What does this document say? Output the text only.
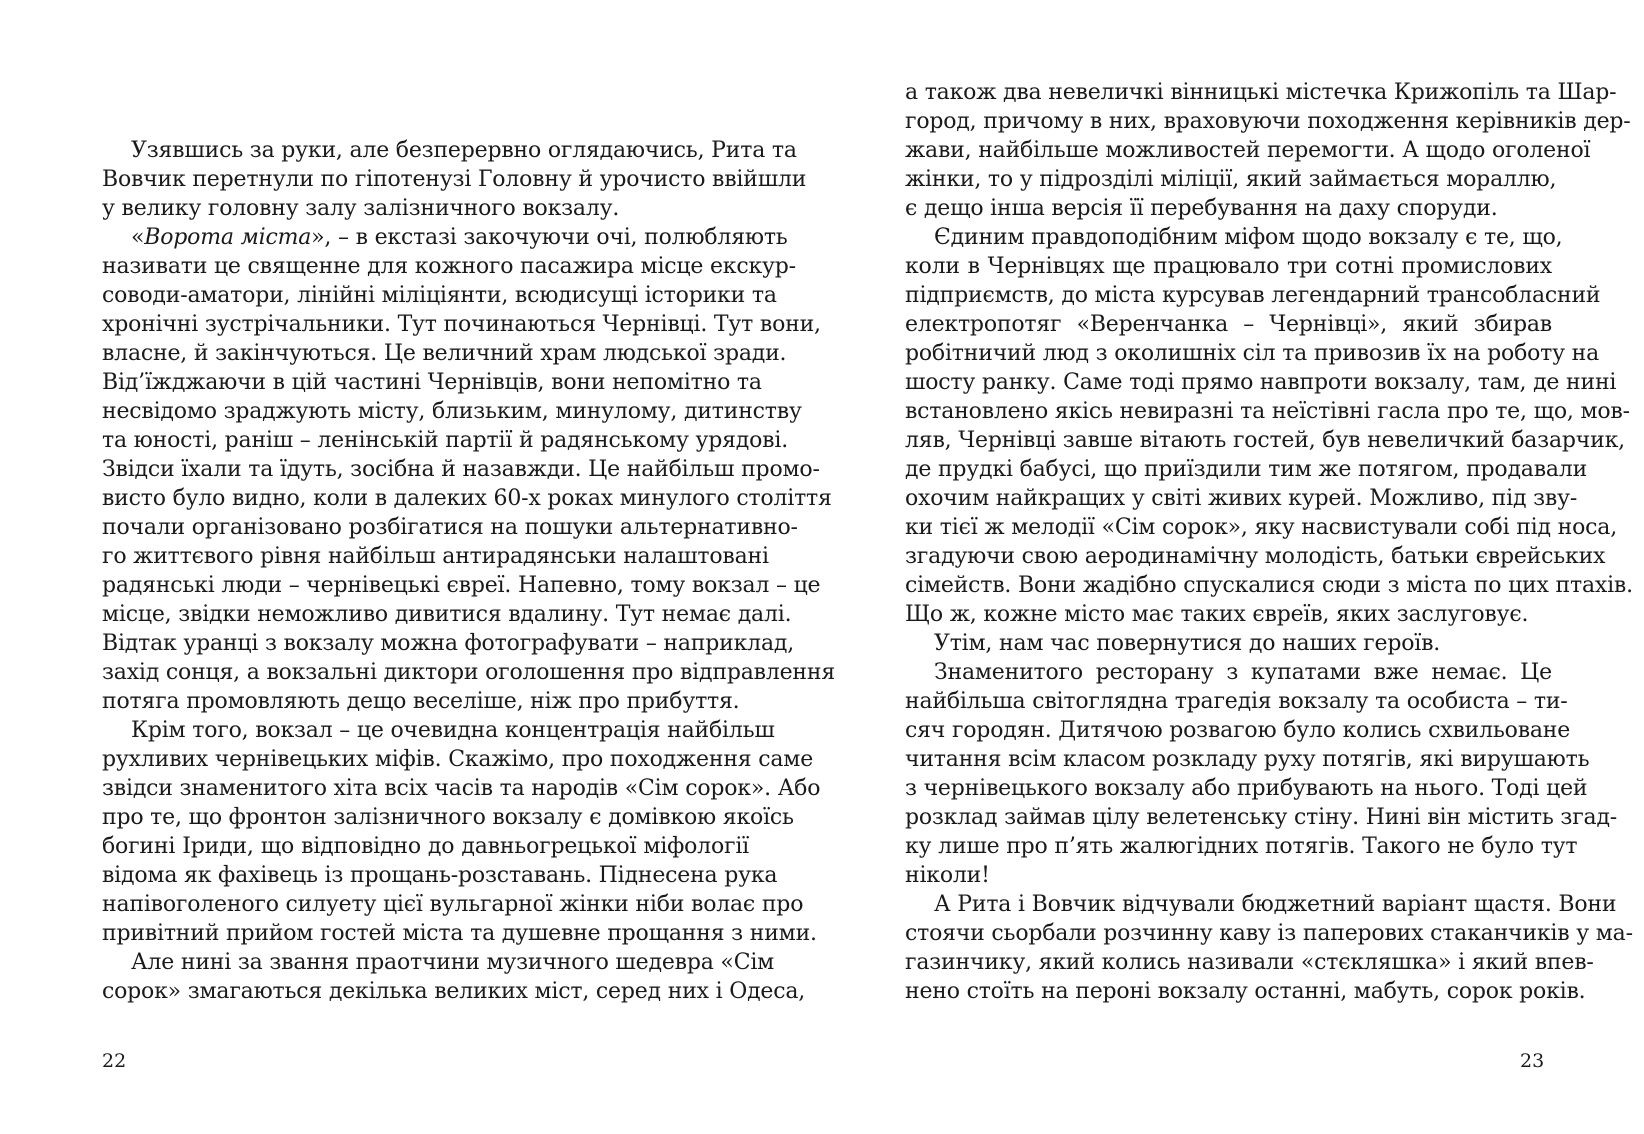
Узявшись за руки, але безперервно оглядаючись, Рита та
Вовчик перетнули по гіпотенузі Головну й урочисто ввійшли
у велику головну залу залізничного вокзалу.
«Ворота міста», – в екстазі закочуючи очі, полюбляють
називати це священне для кожного пасажира місце екскур-
соводи-аматори, лінійні міліціянти, всюдисущі історики та
хронічні зустрічальники. Тут починаються Чернівці. Тут вони,
власне, й закінчуються. Це величний храм людської зради.
Від’їжджаючи в цій частині Чернівців, вони непомітно та
несвідомо зраджують місту, близьким, минулому, дитинству
та юності, раніш – ленінській партії й радянському урядові.
Звідси їхали та їдуть, зосібна й назавжди. Це найбільш промо-
висто було видно, коли в далеких 60-х роках минулого століття
почали організовано розбігатися на пошуки альтернативно-
го життєвого рівня найбільш антирадянськи налаштовані
радянські люди – чернівецькі євреї. Напевно, тому вокзал – це
місце, звідки неможливо дивитися вдалину. Тут немає далі.
Відтак уранці з вокзалу можна фотографувати – наприклад,
захід сонця, а вокзальні диктори оголошення про відправлення
потяга промовляють дещо веселіше, ніж про прибуття.
Крім того, вокзал – це очевидна концентрація найбільш
рухливих чернівецьких міфів. Скажімо, про походження саме
звідси знаменитого хіта всіх часів та народів «Сім сорок». Або
про те, що фронтон залізничного вокзалу є домівкою якоїсь
богині Іриди, що відповідно до давньогрецької міфології
відома як фахівець із прощань-розставань. Піднесена рука
напівоголеного силуету цієї вульгарної жінки ніби волає про
привітний прийом гостей міста та душевне прощання з ними.
Але нині за звання праотчини музичного шедевра «Сім
сорок» змагаються декілька великих міст, серед них і Одеса,
а також два невеличкі вінницькі містечка Крижопіль та Шар-
город, причому в них, враховуючи походження керівників дер-
жави, найбільше можливостей перемогти. А щодо оголеної
жінки, то у підрозділі міліції, який займається мораллю,
є дещо інша версія її перебування на даху споруди.
Єдиним правдоподібним міфом щодо вокзалу є те, що,
коли в Чернівцях ще працювало три сотні промислових
підприємств, до міста курсував легендарний трансобласний
електропотяг «Веренчанка – Чернівці», який збирав
робітничий люд з околишніх сіл та привозив їх на роботу на
шосту ранку. Саме тоді прямо навпроти вокзалу, там, де нині
встановлено якісь невиразні та неїстівні гасла про те, що, мов-
ляв, Чернівці завше вітають гостей, був невеличкий базарчик,
де прудкі бабусі, що приїздили тим же потягом, продавали
охочим найкращих у світі живих курей. Можливо, під зву-
ки тієї ж мелодії «Сім сорок», яку насвистували собі під носа,
згадуючи свою аеродинамічну молодість, батьки єврейських
сімейств. Вони жадібно спускалися сюди з міста по цих птахів.
Що ж, кожне місто має таких євреїв, яких заслуговує.
Утім, нам час повернутися до наших героїв.
Знаменитого ресторану з купатами вже немає. Це
найбільша світоглядна трагедія вокзалу та особиста – ти-
сяч городян. Дитячою розвагою було колись схвильоване
читання всім класом розкладу руху потягів, які вирушають
з чернівецького вокзалу або прибувають на нього. Тоді цей
розклад займав цілу велетенську стіну. Нині він містить згад-
ку лише про п’ять жалюгідних потягів. Такого не було тут
ніколи!
А Рита і Вовчик відчували бюджетний варіант щастя. Вони
стоячи сьорбали розчинну каву із паперових стаканчиків у ма-
газинчику, який колись називали «стєкляшка» і який впев-
нено стоїть на пероні вокзалу останні, мабуть, сорок років.
22	23
